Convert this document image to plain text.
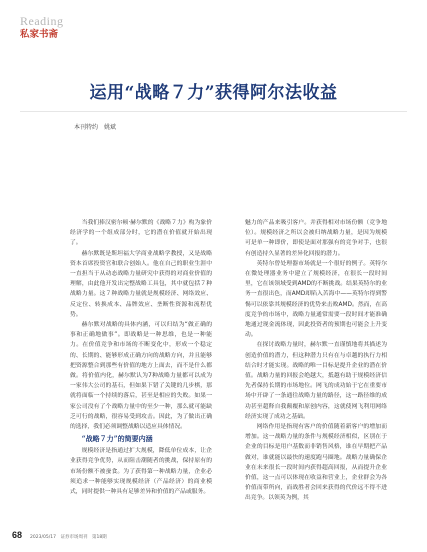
Reading
私家书斋
运用“战略７力”获得阿尔法收益
本刊特约　姚斌

当我们捧汉密尔顿·赫尔默的《战略７力》构为象价经济学的一个组成部分时，它的潜在价值就开始出现了。

赫尔默既是斯坦福大学商业战略学教授，又是战略资本首席投资官和联合创始人。他在自己的职业生涯中一直担当于从动态战略力量研究中获得的对商业价值的理解，由此他开发出完整战略工具包，其中就包括７种战略力量。这７种战略力量就是规模经济、网络效应、反定位、转换成本、品牌效应、垄断性资源和流程优势。

赫尔默对战略的具体内涵，可以归结为“做正确的事和正确地做事”。即战略是一种思维，也是一种能力。在价值竞争和市场的不断变化中，形成一个稳定的、长期的、能够形成正确方向的战略方向，并且能够把资源整合到那些有价值的地方上面去，而不是什么都做。将价值内化，赫尔默认为7种战略力量都可以成为一家伟大公司的基石，但如果下错了关键的几步棋，那就将面临一个持续的落后，甚至是相应的失败。如果一家公司没有了个战略力量中的至少一种，那么就可能缺乏可行的战略，很容易受到攻击。因此，为了做出正确的选择，我们必须调整战略以适应具体情况。

“战略７力”的简要内涵

规模经济是指通过扩大规模，降低单位成本，让企业获得竞争优势，从而阻击潮随者的挑战，保持原有的市场份额不被蚕食。为了获得第一种战略力量，企业必须追求一种能够实现规模经济（产品经济）的商业模式，同时提供一种具有足够差异和价值的产品或服务。

魅力的产品来吸引客户。并获得相对市场份额（竞争地位）。规模经济之所以会被归纳战略力量，是因为规模可是单一种即价，即使是面对那强有的竞争对手，也很有创造持久显著的差异化回报的潜力。

英特尔曾处理器市场就是一个很好的例子。英特尔在微处理器业务中建立了规模经济，在很长一段时间里，它在该领域受到AMD的不断挑战。结果英特尔的业务一直很出色，而AMD却陷入苦海中——英特尔得到警惕可以依靠其规模经济的优势来击败AMD。然而，在高度竞争的市场中，战略力量通常需要一段时间才能准确地通过现金流体现，因此投资者的预期也可能会上升变动。

在探讨战略力量时，赫尔默一直谨慎地将其描述为创造价值的潜力，但这种潜力只有在与卓越的执行力相结合时才能实现。战略的唯一目标是提升企业的潜在价值。战略力量的回报会绝越大，抵越有助于规模经济信先者保持长期的市场地位。网飞的成功始于它在重要市场中开辟了一条通往战略力量的路径，这一路径维的成功甚至超释自我颠覆和原创内容，这就使网飞利用网络经济实现了成功之基础。

网络作用是指现有客户的价值随着新客户的增加而增加。这一战略力量的条件与规模经济相似，区别在于企业的目标是用户基数而非销售风格，谁在早期把产品做对，谁就能以最快的速度跑马圈地。战略力量确保企业在未来很长一段时间内获得超高回报，从而提升企业价值，这一点可以体现在收益和营业上，企业群会为各价值而带所向，而战胜者会回来获得的代价远不得不进出竞争。以领英为例，其

68 2023/05/17　证券市场周刊　第18期
